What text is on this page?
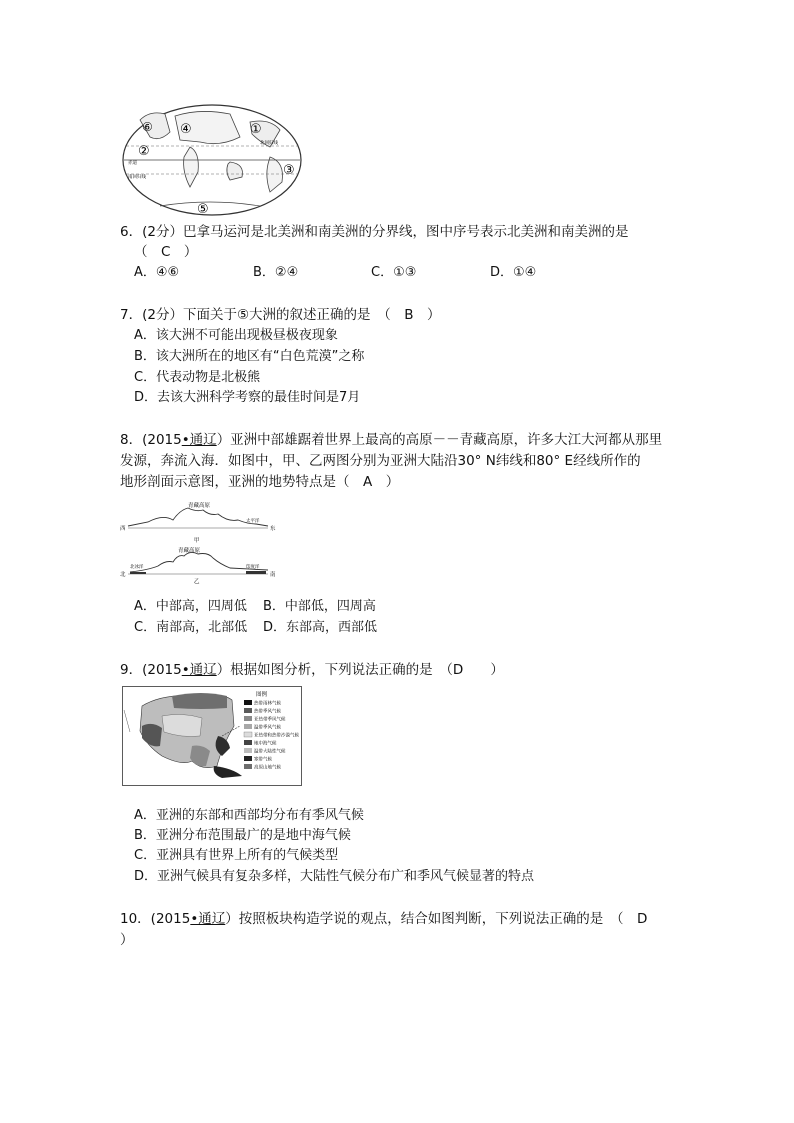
⑥ ④	①
②
③
⑤
北回归线
赤道
南回归线
6．(2分）巴拿马运河是北美洲和南美洲的分界线，图中序号表示北美洲和南美洲的是
（　C　）
A．④⑥	B．②④	C．①③	D．①④
7．(2分）下面关于⑤大洲的叙述正确的是　（　B　）
A．该大洲不可能出现极昼极夜现象
B．该大洲所在的地区有“白色荒漠”之称
C．代表动物是北极熊
D．去该大洲科学考察的最佳时间是7月
8．(2015•通辽）亚洲中部雄踞着世界上最高的高原－－青藏高原，许多大江大河都从那里
发源，奔流入海．如图中，甲、乙两图分别为亚洲大陆沿30° N纬线和80° E经线所作的
地形剖面示意图，亚洲的地势特点是（　A　）
青藏高原
西	东
太平洋
甲
青藏高原
北	南
北冰洋	印度洋
乙
A．中部高，四周低 B．中部低，四周高
C．南部高，北部低 D．东部高，西部低
9．(2015•通辽）根据如图分析，下列说法正确的是　（D　　）
图例
热带雨林气候
热带季风气候
亚热带季风气候
温带季风气候
亚热带和热带沙漠气候
地中海气候
温带大陆性气候
寒带气候
高原山地气候
A．亚洲的东部和西部均分布有季风气候
B．亚洲分布范围最广的是地中海气候
C．亚洲具有世界上所有的气候类型
D．亚洲气候具有复杂多样，大陆性气候分布广和季风气候显著的特点
10．(2015•通辽）按照板块构造学说的观点，结合如图判断，下列说法正确的是　（　D
）
